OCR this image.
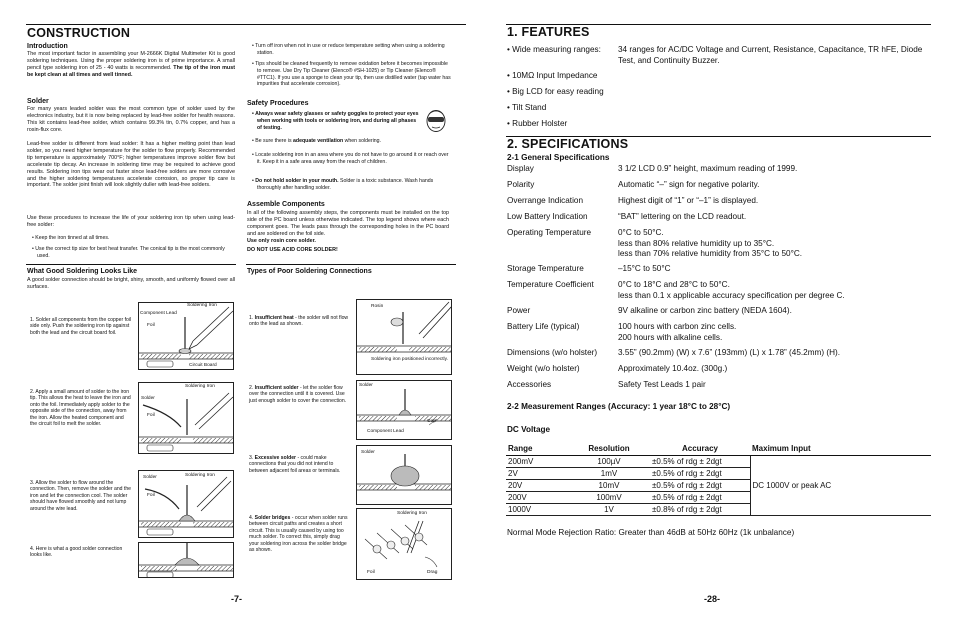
CONSTRUCTION
Introduction
The most important factor in assembling your M-2666K Digital Multimeter Kit is good soldering techniques. Using the proper soldering iron is of prime importance. A small pencil type soldering iron of 25 - 40 watts is recommended. The tip of the iron must be kept clean at all times and well tinned.
Solder
For many years leaded solder was the most common type of solder used by the electronics industry, but it is now being replaced by lead-free solder for health reasons. This kit contains lead-free solder, which contains 99.3% tin, 0.7% copper, and has a rosin-flux core.
Lead-free solder is different from lead solder: It has a higher melting point than lead solder, so you need higher temperature for the solder to flow properly. Recommended tip temperature is approximately 700°F; higher temperatures improve solder flow but accelerate tip decay. An increase in soldering time may be required to achieve good results. Soldering iron tips wear out faster since lead-free solders are more corrosive and the higher soldering temperatures accelerate corrosion, so proper tip care is important. The solder joint finish will look slightly duller with lead-free solders.
Use these procedures to increase the life of your soldering iron tip when using lead-free solder:
• Keep the iron tinned at all times.
• Use the correct tip size for best heat transfer. The conical tip is the most commonly used.
• Turn off iron when not in use or reduce temperature setting when using a soldering station.
• Tips should be cleaned frequently to remove oxidation before it becomes impossible to remove. Use Dry Tip Cleaner (Elenco® #SH-1025) or Tip Cleaner (Elenco® #TTC1). If you use a sponge to clean your tip, then use distilled water (tap water has impurities that accelerate corrosion).
Safety Procedures
• Always wear safety glasses or safety goggles to protect your eyes when working with tools or soldering iron, and during all phases of testing.
• Be sure there is adequate ventilation when soldering.
• Locate soldering iron in an area where you do not have to go around it or reach over it. Keep it in a safe area away from the reach of children.
• Do not hold solder in your mouth. Solder is a toxic substance. Wash hands thoroughly after handling solder.
Assemble Components
In all of the following assembly steps, the components must be installed on the top side of the PC board unless otherwise indicated. The top legend shows where each component goes. The leads pass through the corresponding holes in the PC board and are soldered on the foil side.
Use only rosin core solder.
DO NOT USE ACID CORE SOLDER!
What Good Soldering Looks Like
A good solder connection should be bright, shiny, smooth, and uniformly flowed over all surfaces.
Types of Poor Soldering Connections
1. Solder all components from the copper foil side only. Push the soldering iron tip against both the lead and the circuit board foil.
2. Apply a small amount of solder to the iron tip. This allows the heat to leave the iron and onto the foil. Immediately apply solder to the opposite side of the connection, away from the iron. Allow the heated component and the circuit foil to melt the solder.
3. Allow the solder to flow around the connection. Then, remove the solder and the iron and let the connection cool. The solder should have flowed smoothly and not lump around the wire lead.
4. Here is what a good solder connection looks like.
Soldering Iron
Component Lead
Foil
Circuit Board
Soldering Iron
Solder
Foil
Solder	Soldering Iron
Foil
1. Insufficient heat - the solder will not flow onto the lead as shown.
Rosin
Soldering iron positioned incorrectly.
2. Insufficient solder - let the solder flow over the connection until it is covered. Use just enough solder to cover the connection.
Solder
Gap
Component Lead
3. Excessive solder - could make connections that you did not intend to between adjacent foil areas or terminals.
Solder
4. Solder bridges - occur when solder runs between circuit paths and creates a short circuit. This is usually caused by using too much solder. To correct this, simply drag your soldering iron across the solder bridge as shown.
Soldering Iron
Foil	Drag
-7-
1. FEATURES
• Wide measuring ranges: 34 ranges for AC/DC Voltage and Current, Resistance, Capacitance, TR hFE, Diode Test, and Continuity Buzzer.
• 10MΩ Input Impedance
• Big LCD for easy reading
• Tilt Stand
• Rubber Holster
2. SPECIFICATIONS
2-1 General Specifications
Display	3 1/2 LCD 0.9” height, maximum reading of 1999.
Polarity	Automatic “–” sign for negative polarity.
Overrange Indication	Highest digit of “1” or “–1” is displayed.
Low Battery Indication	“BAT” lettering on the LCD readout.
Operating Temperature	0°C to 50°C.
less than 80% relative humidity up to 35°C.
less than 70% relative humidity from 35°C to 50°C.
Storage Temperature	–15°C to 50°C
Temperature Coefficient	0°C to 18°C and 28°C to 50°C.
less than 0.1 x applicable accuracy specification per degree C.
Power	9V alkaline or carbon zinc battery (NEDA 1604).
Battery Life (typical)	100 hours with carbon zinc cells.
200 hours with alkaline cells.
Dimensions (w/o holster)	3.55” (90.2mm) (W) x 7.6” (193mm) (L) x 1.78” (45.2mm) (H).
Weight (w/o holster)	Approximately 10.4oz. (300g.)
Accessories	Safety Test Leads 1 pair
2-2 Measurement Ranges (Accuracy: 1 year 18°C to 28°C)
DC Voltage
Range	Resolution	Accuracy	Maximum Input
200mV	100µV	±0.5% of rdg ± 2dgt	DC 1000V or peak AC
2V	1mV	±0.5% of rdg ± 2dgt	
20V	10mV	±0.5% of rdg ± 2dgt	
200V	100mV	±0.5% of rdg ± 2dgt	
1000V	1V	±0.8% of rdg ± 2dgt	
Normal Mode Rejection Ratio: Greater than 46dB at 50Hz 60Hz (1k unbalance)
-28-
